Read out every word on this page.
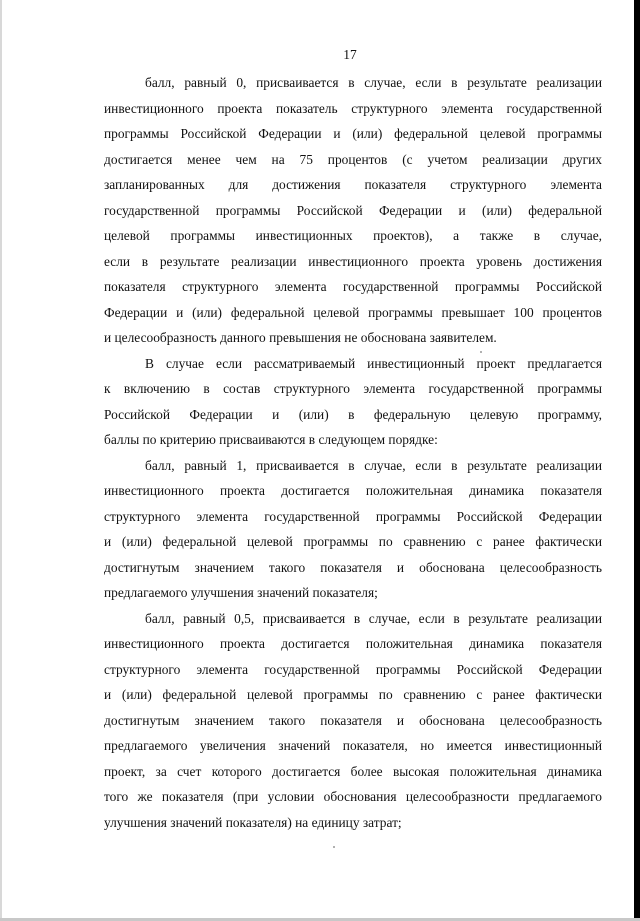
17
балл, равный 0, присваивается в случае, если в результате реализации
инвестиционного проекта показатель структурного элемента государственной
программы Российской Федерации и (или) федеральной целевой программы
достигается менее чем на 75 процентов (с учетом реализации других
запланированных для достижения показателя структурного элемента
государственной программы Российской Федерации и (или) федеральной
целевой программы инвестиционных проектов), а также в случае,
если в результате реализации инвестиционного проекта уровень достижения
показателя структурного элемента государственной программы Российской
Федерации и (или) федеральной целевой программы превышает 100 процентов
и целесообразность данного превышения не обоснована заявителем.
В случае если рассматриваемый инвестиционный проект предлагается
к включению в состав структурного элемента государственной программы
Российской Федерации и (или) в федеральную целевую программу,
баллы по критерию присваиваются в следующем порядке:
балл, равный 1, присваивается в случае, если в результате реализации
инвестиционного проекта достигается положительная динамика показателя
структурного элемента государственной программы Российской Федерации
и (или) федеральной целевой программы по сравнению с ранее фактически
достигнутым значением такого показателя и обоснована целесообразность
предлагаемого улучшения значений показателя;
балл, равный 0,5, присваивается в случае, если в результате реализации
инвестиционного проекта достигается положительная динамика показателя
структурного элемента государственной программы Российской Федерации
и (или) федеральной целевой программы по сравнению с ранее фактически
достигнутым значением такого показателя и обоснована целесообразность
предлагаемого увеличения значений показателя, но имеется инвестиционный
проект, за счет которого достигается более высокая положительная динамика
того же показателя (при условии обоснования целесообразности предлагаемого
улучшения значений показателя) на единицу затрат;
